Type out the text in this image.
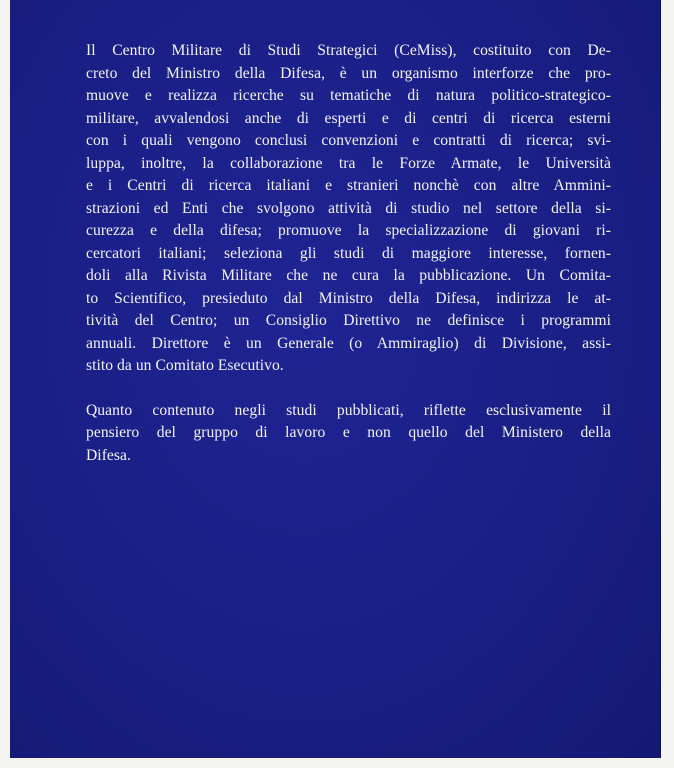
Il Centro Militare di Studi Strategici (CeMiss), costituito con De-
creto del Ministro della Difesa, è un organismo interforze che pro-
muove e realizza ricerche su tematiche di natura politico-strategico-
militare, avvalendosi anche di esperti e di centri di ricerca esterni
con i quali vengono conclusi convenzioni e contratti di ricerca; svi-
luppa, inoltre, la collaborazione tra le Forze Armate, le Università
e i Centri di ricerca italiani e stranieri nonchè con altre Ammini-
strazioni ed Enti che svolgono attività di studio nel settore della si-
curezza e della difesa; promuove la specializzazione di giovani ri-
cercatori italiani; seleziona gli studi di maggiore interesse, fornen-
doli alla Rivista Militare che ne cura la pubblicazione. Un Comita-
to Scientifico, presieduto dal Ministro della Difesa, indirizza le at-
tività del Centro; un Consiglio Direttivo ne definisce i programmi
annuali. Direttore è un Generale (o Ammiraglio) di Divisione, assi-
stito da un Comitato Esecutivo.
Quanto contenuto negli studi pubblicati, riflette esclusivamente il
pensiero del gruppo di lavoro e non quello del Ministero della
Difesa.
